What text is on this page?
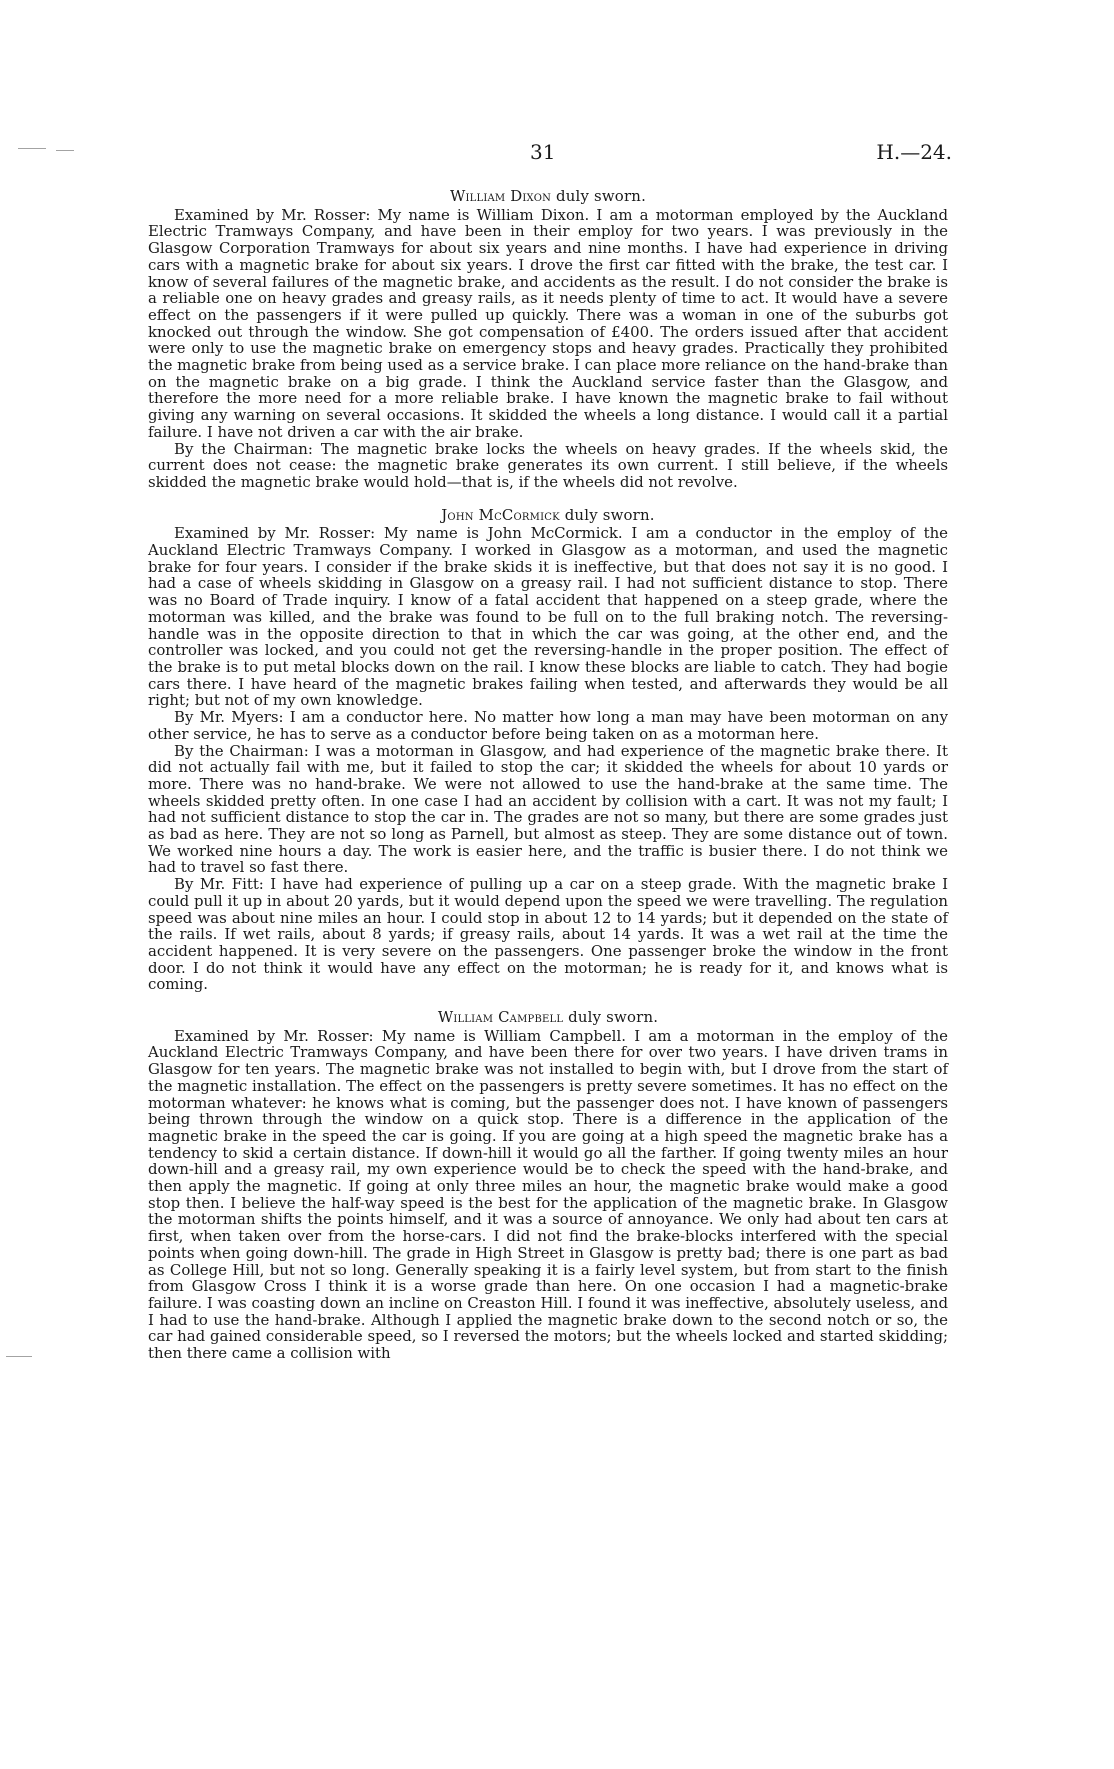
31	H.—24.
William Dixon duly sworn.

Examined by Mr. Rosser: My name is William Dixon. I am a motorman employed by the Auckland Electric Tramways Company, and have been in their employ for two years. I was previously in the Glasgow Corporation Tramways for about six years and nine months. I have had experience in driving cars with a magnetic brake for about six years. I drove the first car fitted with the brake, the test car. I know of several failures of the magnetic brake, and accidents as the result. I do not consider the brake is a reliable one on heavy grades and greasy rails, as it needs plenty of time to act. It would have a severe effect on the passengers if it were pulled up quickly. There was a woman in one of the suburbs got knocked out through the window. She got compensation of £400. The orders issued after that accident were only to use the magnetic brake on emergency stops and heavy grades. Practically they prohibited the magnetic brake from being used as a service brake. I can place more reliance on the hand-brake than on the magnetic brake on a big grade. I think the Auckland service faster than the Glasgow, and therefore the more need for a more reliable brake. I have known the magnetic brake to fail without giving any warning on several occasions. It skidded the wheels a long distance. I would call it a partial failure. I have not driven a car with the air brake.

By the Chairman: The magnetic brake locks the wheels on heavy grades. If the wheels skid, the current does not cease: the magnetic brake generates its own current. I still believe, if the wheels skidded the magnetic brake would hold—that is, if the wheels did not revolve.

John McCormick duly sworn.

Examined by Mr. Rosser: My name is John McCormick. I am a conductor in the employ of the Auckland Electric Tramways Company. I worked in Glasgow as a motorman, and used the magnetic brake for four years. I consider if the brake skids it is ineffective, but that does not say it is no good. I had a case of wheels skidding in Glasgow on a greasy rail. I had not sufficient distance to stop. There was no Board of Trade inquiry. I know of a fatal accident that happened on a steep grade, where the motorman was killed, and the brake was found to be full on to the full braking notch. The reversing-handle was in the opposite direction to that in which the car was going, at the other end, and the controller was locked, and you could not get the reversing-handle in the proper position. The effect of the brake is to put metal blocks down on the rail. I know these blocks are liable to catch. They had bogie cars there. I have heard of the magnetic brakes failing when tested, and afterwards they would be all right; but not of my own knowledge.

By Mr. Myers: I am a conductor here. No matter how long a man may have been motorman on any other service, he has to serve as a conductor before being taken on as a motorman here.

By the Chairman: I was a motorman in Glasgow, and had experience of the magnetic brake there. It did not actually fail with me, but it failed to stop the car; it skidded the wheels for about 10 yards or more. There was no hand-brake. We were not allowed to use the hand-brake at the same time. The wheels skidded pretty often. In one case I had an accident by collision with a cart. It was not my fault; I had not sufficient distance to stop the car in. The grades are not so many, but there are some grades just as bad as here. They are not so long as Parnell, but almost as steep. They are some distance out of town. We worked nine hours a day. The work is easier here, and the traffic is busier there. I do not think we had to travel so fast there.

By Mr. Fitt: I have had experience of pulling up a car on a steep grade. With the magnetic brake I could pull it up in about 20 yards, but it would depend upon the speed we were travelling. The regulation speed was about nine miles an hour. I could stop in about 12 to 14 yards; but it depended on the state of the rails. If wet rails, about 8 yards; if greasy rails, about 14 yards. It was a wet rail at the time the accident happened. It is very severe on the passengers. One passenger broke the window in the front door. I do not think it would have any effect on the motorman; he is ready for it, and knows what is coming.

William Campbell duly sworn.

Examined by Mr. Rosser: My name is William Campbell. I am a motorman in the employ of the Auckland Electric Tramways Company, and have been there for over two years. I have driven trams in Glasgow for ten years. The magnetic brake was not installed to begin with, but I drove from the start of the magnetic installation. The effect on the passengers is pretty severe sometimes. It has no effect on the motorman whatever: he knows what is coming, but the passenger does not. I have known of passengers being thrown through the window on a quick stop. There is a difference in the application of the magnetic brake in the speed the car is going. If you are going at a high speed the magnetic brake has a tendency to skid a certain distance. If down-hill it would go all the farther. If going twenty miles an hour down-hill and a greasy rail, my own experience would be to check the speed with the hand-brake, and then apply the magnetic. If going at only three miles an hour, the magnetic brake would make a good stop then. I believe the half-way speed is the best for the application of the magnetic brake. In Glasgow the motorman shifts the points himself, and it was a source of annoyance. We only had about ten cars at first, when taken over from the horse-cars. I did not find the brake-blocks interfered with the special points when going down-hill. The grade in High Street in Glasgow is pretty bad; there is one part as bad as College Hill, but not so long. Generally speaking it is a fairly level system, but from start to the finish from Glasgow Cross I think it is a worse grade than here. On one occasion I had a magnetic-brake failure. I was coasting down an incline on Creaston Hill. I found it was ineffective, absolutely useless, and I had to use the hand-brake. Although I applied the magnetic brake down to the second notch or so, the car had gained considerable speed, so I reversed the motors; but the wheels locked and started skidding; then there came a collision with
